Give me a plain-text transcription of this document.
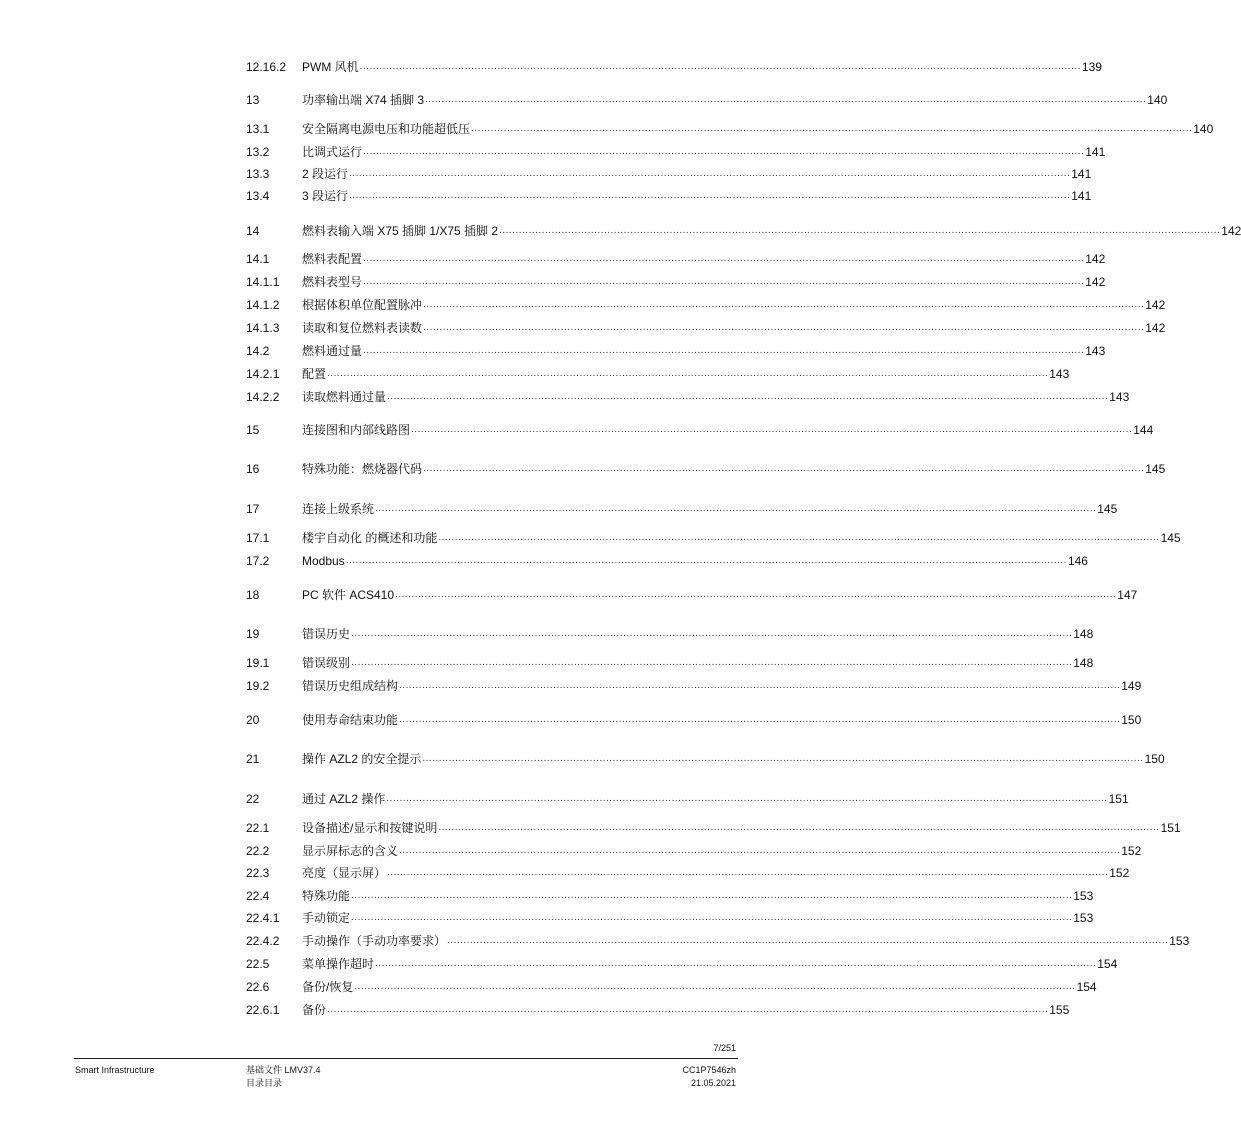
12.16.2 PWM 风机 ............................................................................................................................................................................................................................ 139
13	功率输出端 X74 插脚 3 ............................................................................................................................................................................................................................ 140
13.1	安全隔离电源电压和功能超低压 ............................................................................................................................................................................................................................ 140
13.2	比调式运行 ............................................................................................................................................................................................................................ 141
13.3	2 段运行 ............................................................................................................................................................................................................................ 141
13.4	3 段运行 ............................................................................................................................................................................................................................ 141
14	燃料表输入端 X75 插脚 1/X75 插脚 2 ............................................................................................................................................................................................................................ 142
14.1	燃料表配置 ............................................................................................................................................................................................................................ 142
14.1.1 燃料表型号 ............................................................................................................................................................................................................................ 142
14.1.2 根据体积单位配置脉冲 ............................................................................................................................................................................................................................ 142
14.1.3 读取和复位燃料表读数 ............................................................................................................................................................................................................................ 142
14.2	燃料通过量 ............................................................................................................................................................................................................................ 143
14.2.1 配置 ............................................................................................................................................................................................................................ 143
14.2.2 读取燃料通过量 ............................................................................................................................................................................................................................ 143
15	连接图和内部线路图 ............................................................................................................................................................................................................................ 144
16	特殊功能：燃烧器代码 ............................................................................................................................................................................................................................ 145
17	连接上级系统 ............................................................................................................................................................................................................................ 145
17.1	楼宇自动化 的概述和功能 ............................................................................................................................................................................................................................ 145
17.2	Modbus ............................................................................................................................................................................................................................ 146
18	PC 软件 ACS410 ............................................................................................................................................................................................................................ 147
19	错误历史 ............................................................................................................................................................................................................................ 148
19.1	错误级别 ............................................................................................................................................................................................................................ 148
19.2	错误历史组成结构 ............................................................................................................................................................................................................................ 149
20	使用寿命结束功能 ............................................................................................................................................................................................................................ 150
21	操作 AZL2 的安全提示 ............................................................................................................................................................................................................................ 150
22	通过 AZL2 操作 ............................................................................................................................................................................................................................ 151
22.1	设备描述/显示和按键说明 ............................................................................................................................................................................................................................ 151
22.2	显示屏标志的含义 ............................................................................................................................................................................................................................ 152
22.3	亮度（显示屏） ............................................................................................................................................................................................................................ 152
22.4	特殊功能 ............................................................................................................................................................................................................................ 153
22.4.1 手动锁定 ............................................................................................................................................................................................................................ 153
22.4.2 手动操作（手动功率要求） ............................................................................................................................................................................................................................ 153
22.5	菜单操作超时 ............................................................................................................................................................................................................................ 154
22.6	备份/恢复 ............................................................................................................................................................................................................................ 154
22.6.1 备份 ............................................................................................................................................................................................................................ 155
7/251
Smart Infrastructure	基础文件 LMV37.4
目录目录
CC1P7546zh
21.05.2021
